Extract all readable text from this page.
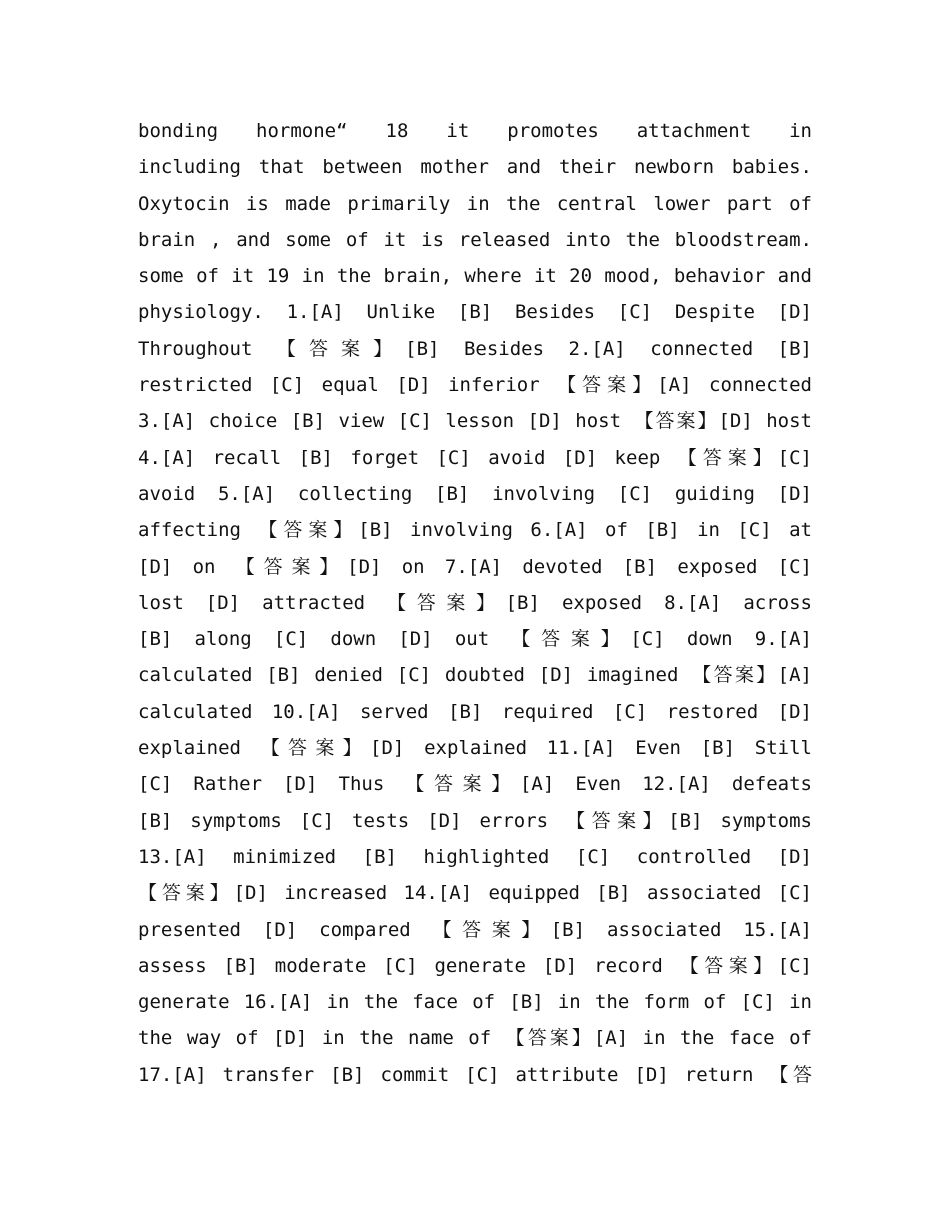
bonding hormone“ 18 it promotes attachment in
including that between mother and their newborn babies.
Oxytocin is made primarily in the central lower part of
brain , and some of it is released into the bloodstream.
some of it 19 in the brain, where it 20 mood, behavior and
physiology. 1.[A] Unlike [B] Besides [C] Despite [D]
Throughout 【答案】[B] Besides 2.[A] connected [B]
restricted [C] equal [D] inferior 【答案】[A] connected
3.[A] choice [B] view [C] lesson [D] host 【答案】[D] host
4.[A] recall [B] forget [C] avoid [D] keep 【答案】[C]
avoid 5.[A] collecting [B] involving [C] guiding [D]
affecting 【答案】[B] involving 6.[A] of [B] in [C] at
[D] on 【答案】[D] on 7.[A] devoted [B] exposed [C]
lost [D] attracted 【答案】[B] exposed 8.[A] across
[B] along [C] down [D] out 【答案】[C] down 9.[A]
calculated [B] denied [C] doubted [D] imagined 【答案】[A]
calculated 10.[A] served [B] required [C] restored [D]
explained 【答案】[D] explained 11.[A] Even [B] Still
[C] Rather [D] Thus 【答案】[A] Even 12.[A] defeats
[B] symptoms [C] tests [D] errors 【答案】[B] symptoms
13.[A] minimized [B] highlighted [C] controlled [D]
【答案】[D] increased 14.[A] equipped [B] associated [C]
presented [D] compared 【答案】[B] associated 15.[A]
assess [B] moderate [C] generate [D] record 【答案】[C]
generate 16.[A] in the face of [B] in the form of [C] in
the way of [D] in the name of 【答案】[A] in the face of
17.[A] transfer [B] commit [C] attribute [D] return 【答
